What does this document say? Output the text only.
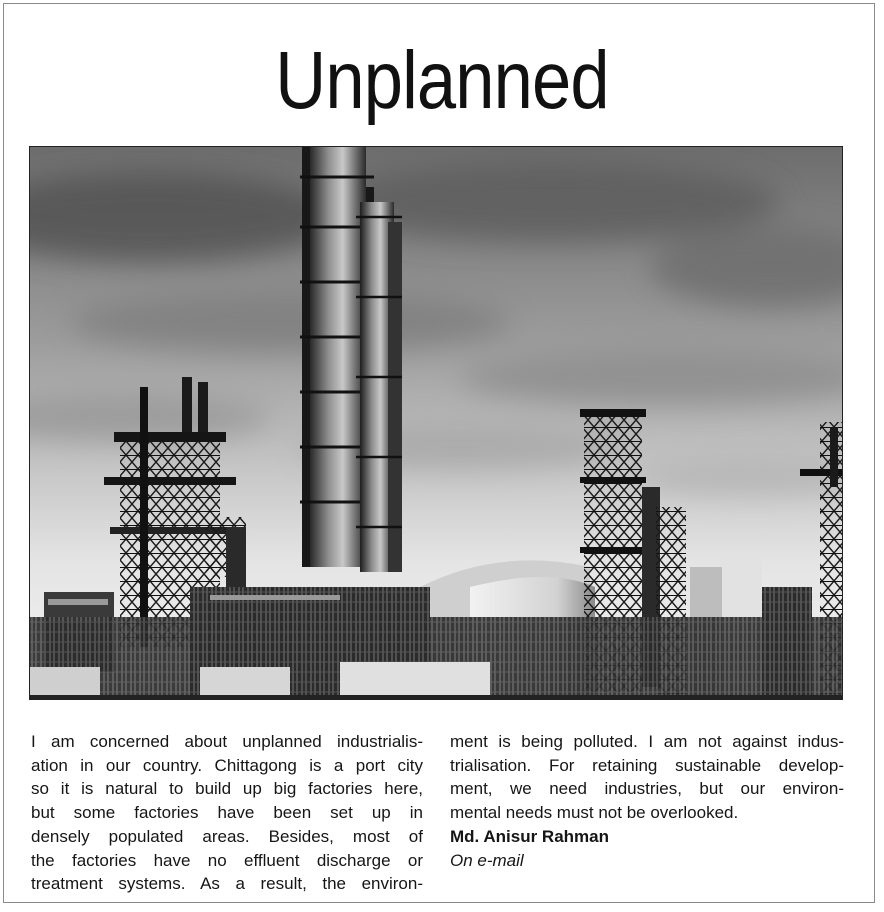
Unplanned

I am concerned about unplanned industrialis-
ation in our country. Chittagong is a port city
so it is natural to build up big factories here,
but some factories have been set up in
densely populated areas. Besides, most of
the factories have no effluent discharge or
treatment systems. As a result, the environ-

ment is being polluted. I am not against indus-
trialisation. For retaining sustainable develop-
ment, we need industries, but our environ-
mental needs must not be overlooked.

Md. Anisur Rahman
On e-mail
